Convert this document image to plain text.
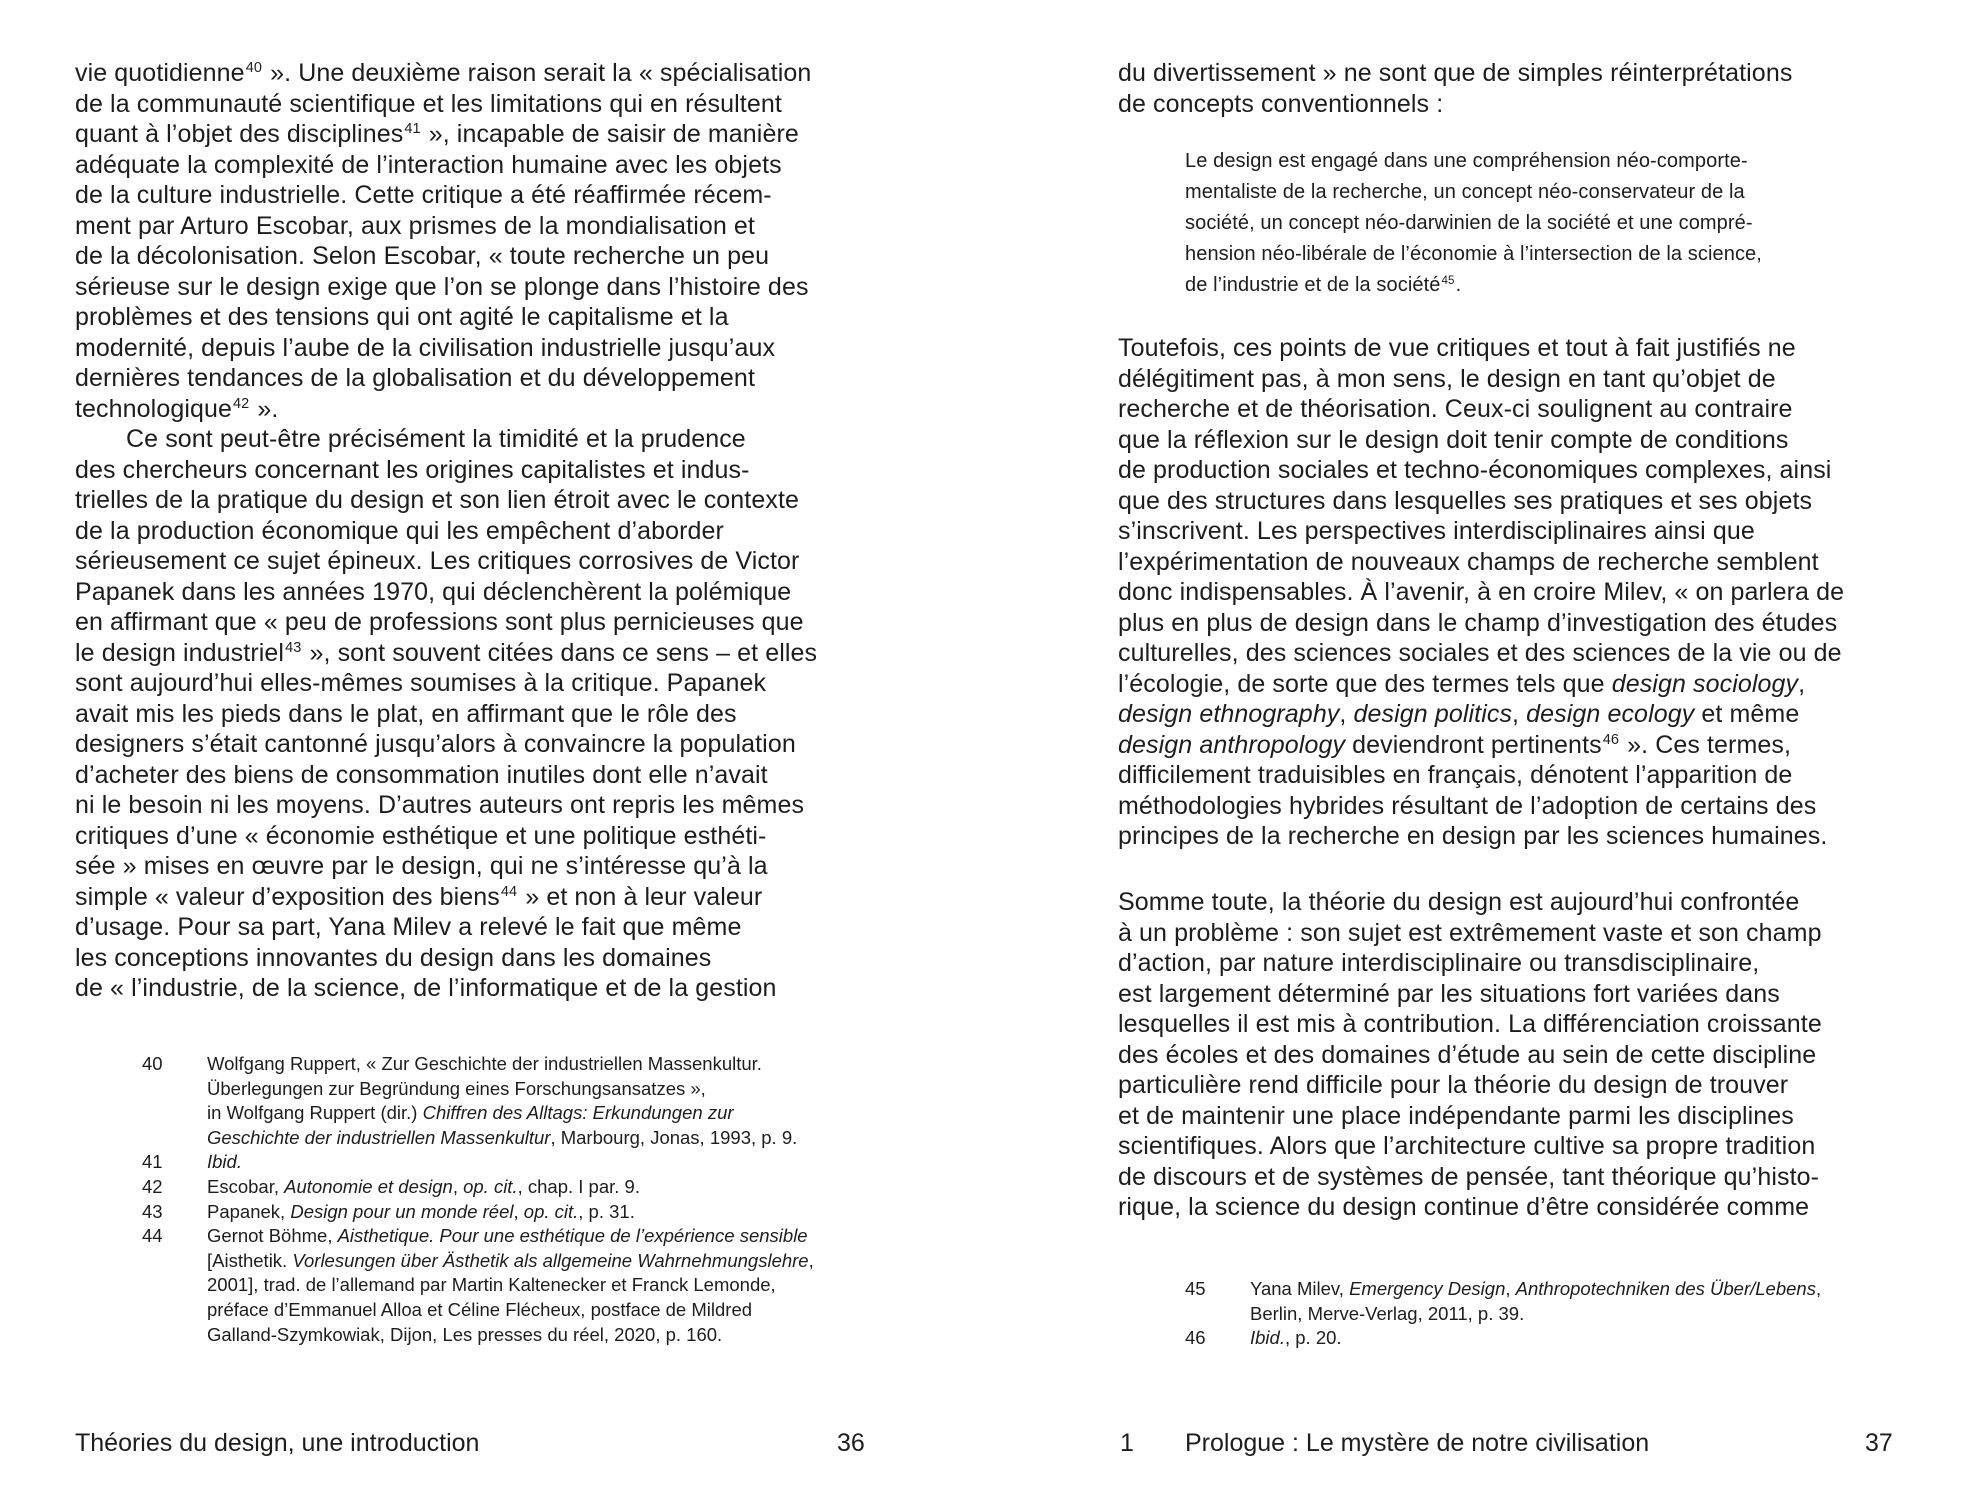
vie quotidienne$^{40}$ ». Une deuxième raison serait la « spécialisation
de la communauté scientifique et les limitations qui en résultent
quant à l’objet des disciplines$^{41}$ », incapable de saisir de manière
adéquate la complexité de l’interaction humaine avec les objets
de la culture industrielle. Cette critique a été réaffirmée récem-
ment par Arturo Escobar, aux prismes de la mondialisation et
de la décolonisation. Selon Escobar, « toute recherche un peu
sérieuse sur le design exige que l’on se plonge dans l’histoire des
problèmes et des tensions qui ont agité le capitalisme et la
modernité, depuis l’aube de la civilisation industrielle jusqu’aux
dernières tendances de la globalisation et du développement
technologique$^{42}$ ».
Ce sont peut-être précisément la timidité et la prudence
des chercheurs concernant les origines capitalistes et indus-
trielles de la pratique du design et son lien étroit avec le contexte
de la production économique qui les empêchent d’aborder
sérieusement ce sujet épineux. Les critiques corrosives de Victor
Papanek dans les années 1970, qui déclenchèrent la polémique
en affirmant que « peu de professions sont plus pernicieuses que
le design industriel$^{43}$ », sont souvent citées dans ce sens – et elles
sont aujourd’hui elles-mêmes soumises à la critique. Papanek
avait mis les pieds dans le plat, en affirmant que le rôle des
designers s’était cantonné jusqu’alors à convaincre la population
d’acheter des biens de consommation inutiles dont elle n’avait
ni le besoin ni les moyens. D’autres auteurs ont repris les mêmes
critiques d’une « économie esthétique et une politique esthéti-
sée » mises en œuvre par le design, qui ne s’intéresse qu’à la
simple « valeur d’exposition des biens$^{44}$ » et non à leur valeur
d’usage. Pour sa part, Yana Milev a relevé le fait que même
les conceptions innovantes du design dans les domaines
de « l’industrie, de la science, de l’informatique et de la gestion
40 Wolfgang Ruppert, « Zur Geschichte der industriellen Massenkultur.
Überlegungen zur Begründung eines Forschungsansatzes »,
in Wolfgang Ruppert (dir.) Chiffren des Alltags: Erkundungen zur
Geschichte der industriellen Massenkultur, Marbourg, Jonas, 1993, p. 9.
41 Ibid.
42 Escobar, Autonomie et design, op. cit., chap. I par. 9.
43 Papanek, Design pour un monde réel, op. cit., p. 31.
44 Gernot Böhme, Aisthetique. Pour une esthétique de l’expérience sensible
[Aisthetik. Vorlesungen über Ästhetik als allgemeine Wahrnehmungslehre,
2001], trad. de l’allemand par Martin Kaltenecker et Franck Lemonde,
préface d’Emmanuel Alloa et Céline Flécheux, postface de Mildred
Galland-Szymkowiak, Dijon, Les presses du réel, 2020, p. 160.
Théories du design, une introduction	36
du divertissement » ne sont que de simples réinterprétations
de concepts conventionnels :
Le design est engagé dans une compréhension néo-comporte-
mentaliste de la recherche, un concept néo-conservateur de la
société, un concept néo-darwinien de la société et une compré-
hension néo-libérale de l’économie à l’intersection de la science,
de l’industrie et de la société$^{45}$.
Toutefois, ces points de vue critiques et tout à fait justifiés ne
délégitiment pas, à mon sens, le design en tant qu’objet de
recherche et de théorisation. Ceux-ci soulignent au contraire
que la réflexion sur le design doit tenir compte de conditions
de production sociales et techno-économiques complexes, ainsi
que des structures dans lesquelles ses pratiques et ses objets
s’inscrivent. Les perspectives interdisciplinaires ainsi que
l’expérimentation de nouveaux champs de recherche semblent
donc indispensables. À l’avenir, à en croire Milev, « on parlera de
plus en plus de design dans le champ d’investigation des études
culturelles, des sciences sociales et des sciences de la vie ou de
l’écologie, de sorte que des termes tels que design sociology,
design ethnography, design politics, design ecology et même
design anthropology deviendront pertinents$^{46}$ ». Ces termes,
difficilement traduisibles en français, dénotent l’apparition de
méthodologies hybrides résultant de l’adoption de certains des
principes de la recherche en design par les sciences humaines.
Somme toute, la théorie du design est aujourd’hui confrontée
à un problème : son sujet est extrêmement vaste et son champ
d’action, par nature interdisciplinaire ou transdisciplinaire,
est largement déterminé par les situations fort variées dans
lesquelles il est mis à contribution. La différenciation croissante
des écoles et des domaines d’étude au sein de cette discipline
particulière rend difficile pour la théorie du design de trouver
et de maintenir une place indépendante parmi les disciplines
scientifiques. Alors que l’architecture cultive sa propre tradition
de discours et de systèmes de pensée, tant théorique qu’histo-
rique, la science du design continue d’être considérée comme
45 Yana Milev, Emergency Design, Anthropotechniken des Über/Lebens,
Berlin, Merve-Verlag, 2011, p. 39.
46 Ibid., p. 20.
1 Prologue : Le mystère de notre civilisation	37
